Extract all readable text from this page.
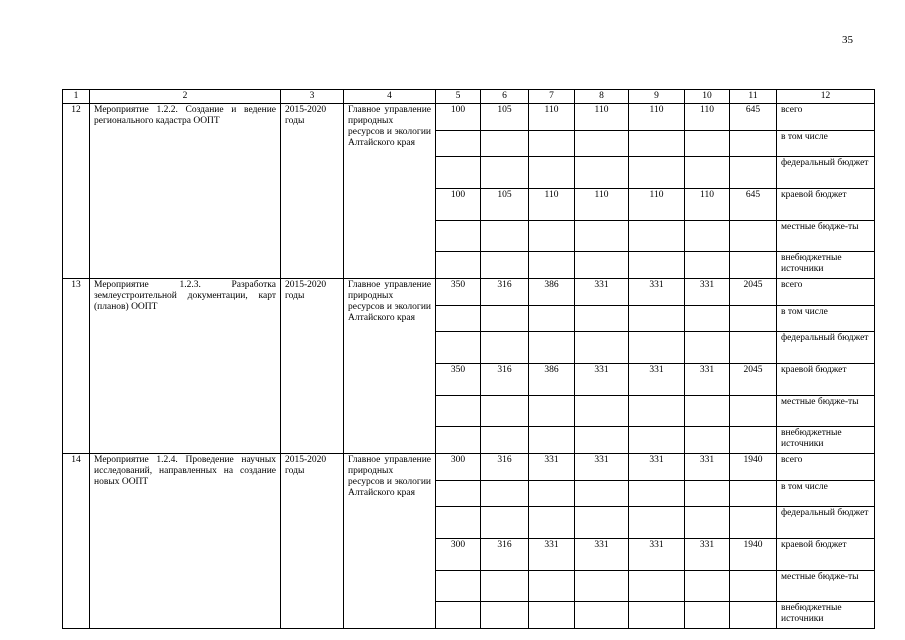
35
1	2	3	4	5	6	7	8	9	10	11	12
12	Мероприятие 1.2.2. Создание и ведение регионального кадастра ООПТ	2015-2020 годы	Главное управление природных ресурсов и экологии Алтайского края	100	105	110	110	110	110	645	всего
											в том числе
											федеральный бюджет
				100	105	110	110	110	110	645	краевой бюджет
											местные бюдже-ты
											внебюджетные источники
13	Мероприятие 1.2.3. Разработка землеустроительной документации, карт (планов) ООПТ	2015-2020 годы	Главное управление природных ресурсов и экологии Алтайского края	350	316	386	331	331	331	2045	всего
											в том числе
											федеральный бюджет
				350	316	386	331	331	331	2045	краевой бюджет
											местные бюдже-ты
											внебюджетные источники
14	Мероприятие 1.2.4. Проведение научных исследований, направленных на создание новых ООПТ	2015-2020 годы	Главное управление природных ресурсов и экологии Алтайского края	300	316	331	331	331	331	1940	всего
											в том числе
											федеральный бюджет
				300	316	331	331	331	331	1940	краевой бюджет
											местные бюдже-ты
											внебюджетные источники
